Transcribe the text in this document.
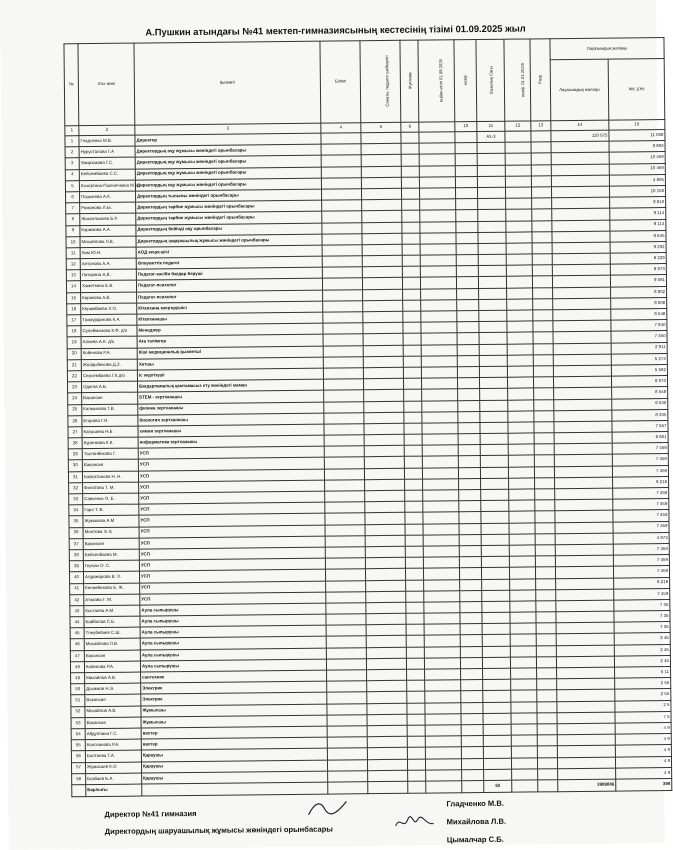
А.Пушкин атындағы №41 мектеп-гимназиясының кестесінің тізімі 01.09.2025 жыл
№	Аты-жөні	Қызметі	Білімі	Санаты, педагог шеберлігі	Жүктеме	еңбек өтілі 01.09.2025	коэф	Базалық Сағы	коэф. 01.01.2024г	Разр	Лауазымдық жалақы	
											Лауазымдық жалақы	ЖК 10%
1	2	3	4	5	6		10	11	12	13	14	15
1	Гладченко М.В.	Директор						А1-3			110 075	11 008
2	Нурусталова Г.А	Директордың оқу жұмысы жөніндегі орынбасары										9 893
3	Умирзакова Г.С.	Директордың оқу жұмысы жөніндегі орынбасары										10 459
4	Бейсембаева С.С.	Директордың оқу жұмысы жөніндегі орынбасары										10 459
5	Кочергина-Пшеничкина М.М	Директордың оқу жұмысы жөніндегі орынбасары										4 805
6	Пашкеева А.К.	Директордың тылымы жөніндегі орынбасары										10 158
7	Романова Л.Ы.	Директордың тәрбие жұмысы жөніндегі орынбасары										9 610
8	Жакселыкова Б.Р.	Директордың тәрбие жұмысы жөніндегі орынбасары										9 114
9	Каримова А.А.	Директордың бейінді оқу орынбасары										9 114
10	Михайлова Л.В.	Директордың шаруашылық жұмысы жөніндегі орынбасары										9 645
11	Лим Ю.Н.	АОД кеңесшісі										9 202
12	Антонова А.А.	Әлеуметтік педагог										6 229
13	Латарина А.В.	Педагог-кәсіби бағдар беруші										6 973
14	Хаметкина Е.В.	Педагог-психолог										9 061
15	Кирикова А.В.	Педагог-психолог										8 902
16	Керимбаева Х.О.	Кітапхана меңгерушісі										9 008
17	Тохмурдинова К.А.	Кітапханашы										8 548
18	Сулейманова К.Ф. д/о	Менеджер										7 840
19	Алиева А.К. д/о	Аға тәлімгер										7 450
20	Кобенова Р.А.	Кіші медициналық қызметші										2 911
21	Жолдыбекова Д.З.	Хатшы										5 274
22	Серсембаева Г.К.д/о	Іс жүргізуші										5 592
23	Одегов А.Е.	Бағдарламалық қамтамасыз ету жөніндегі маман										6 070
24	Вакансия	STEM - зертханашы										8 548
25	Калмыкова Т.В.	физика зертханашы										6 530
26	Егорова Г.И.	биология зертханашы										8 335
27	Капашева Н.Е	химия зертханашы										7 557
28	Куренкова К.К.	информатика зертханашы										6 601
29	Тастанбекова Г.	УСП										7 459
30	Вакансия	УСП										7 459
31	Байсатанова Н. Н.	УСП										7 459
32	Филатова Т. М.	УСП										6 216
33	Савченко О. Е.	УСП										7 459
34	Гаря Т. В.	УСП										7 459
35	Жумакова А.М	УСП										7 459
36	Монтова Э. Е	УСП										7 459
37	Вакансия	УСП										4 973
38	Бейсенбаева М.	УСП										7 459
39	Герчан О. С.	УСП										7 459
40	Алдажарова В. Х.	УСП										7 459
41	Кенжебекова Б. Ж.	УСП										6 216
42	Атакава Г. М.	УСП										7 459
43	Костаева А.М.	Аула сыпырушы										7 35
44	Байболов С.Б.	Аула сыпырушы										7 35
45	Тлеубебаев С.Ш.	Аула сыпырушы										7 35
46	Михайлова Л.В.	Аула сыпырушы										3 45
47	Вакансия	Аула сыпырушы										2 45
48	Кобенова Р.А.	Аула сыпырушы										2 45
49	Михайлов А.В.	сантехник										5 11
50	Досимов Н.Э.	Электрик										2 55
51	Вакансия	Электрик										2 55
52	Михайлов А.В.	Жұмысшы										2 5
53	Вакансия	Жұмысшы										7 5
54	Абдуллина Г.С.	вахтер										4 9
55	Колозанова Р.А.	вахтер										4 9
56	Болтаева Т.А.	Қараушы										4 9
57	Жумасаев К.О	Қараушы										4 9
58	Бозбаев Б.А.	Қараушы										4 9
	Барлығы							62			3989086	398
Директор №41 гимназия
Директордың шаруашылық жұмысы жөніндегі орынбасары
Гладченко М.В.
Михайлова Л.В.
Цымалчар С.Б.
